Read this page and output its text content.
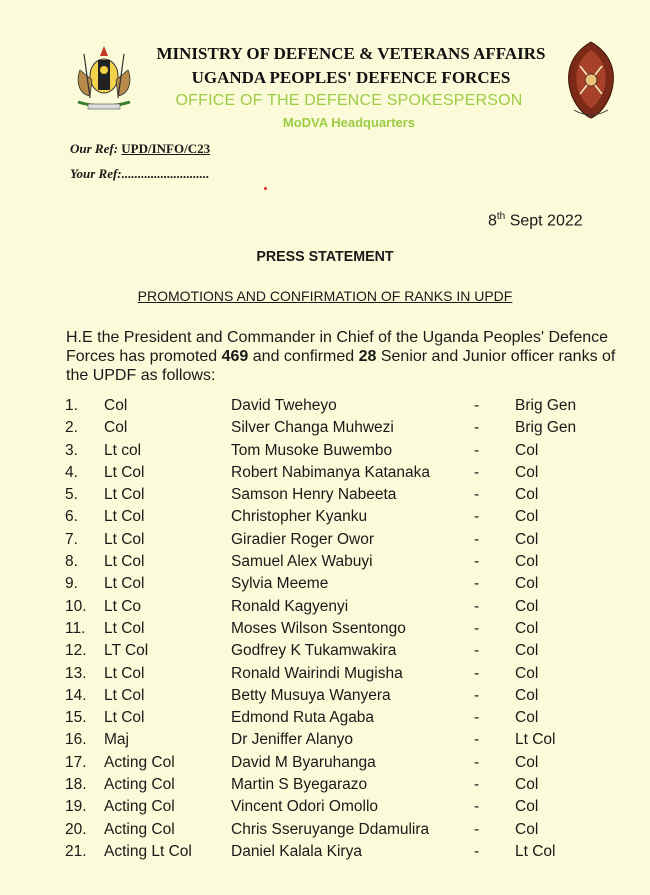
MINISTRY OF DEFENCE & VETERANS AFFAIRS
UGANDA PEOPLES' DEFENCE FORCES
OFFICE OF THE DEFENCE SPOKESPERSON
MoDVA Headquarters
Our Ref: UPD/INFO/C23
Your Ref:...........................
8th Sept 2022
PRESS STATEMENT
PROMOTIONS AND CONFIRMATION OF RANKS IN UPDF
H.E the President and Commander in Chief of the Uganda Peoples' Defence Forces has promoted 469 and confirmed 28 Senior and Junior officer ranks of the UPDF as follows:
1. Col	David Tweheyo	- Brig Gen
2. Col	Silver Changa Muhwezi	- Brig Gen
3. Lt col	Tom Musoke Buwembo	- Col
4. Lt Col	Robert Nabimanya Katanaka	- Col
5. Lt Col	Samson Henry Nabeeta	- Col
6. Lt Col	Christopher Kyanku	- Col
7. Lt Col	Giradier Roger Owor	- Col
8. Lt Col	Samuel Alex Wabuyi	- Col
9. Lt Col	Sylvia Meeme	- Col
10. Lt Co	Ronald Kagyenyi	- Col
11. Lt Col	Moses Wilson Ssentongo	- Col
12. LT Col	Godfrey K Tukamwakira	- Col
13. Lt Col	Ronald Wairindi Mugisha	- Col
14. Lt Col	Betty Musuya Wanyera	- Col
15. Lt Col	Edmond Ruta Agaba	- Col
16. Maj	Dr Jeniffer Alanyo	- Lt Col
17. Acting Col	David M Byaruhanga	- Col
18. Acting Col	Martin S Byegarazo	- Col
19. Acting Col	Vincent Odori Omollo	- Col
20. Acting Col	Chris Sseruyange Ddamulira	- Col
21. Acting Lt Col	Daniel Kalala Kirya	- Lt Col
